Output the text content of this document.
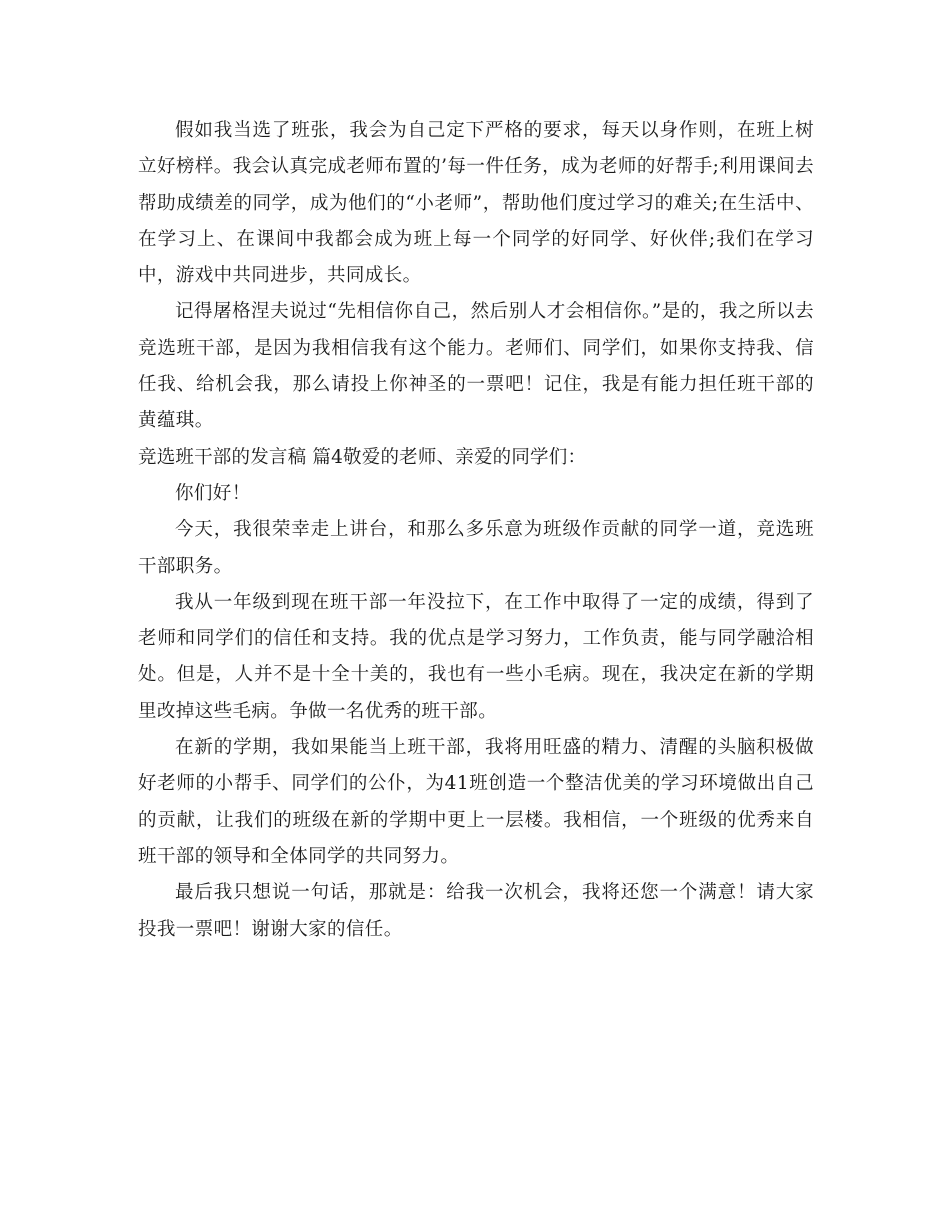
假如我当选了班张，我会为自己定下严格的要求，每天以身作则，在班上树立好榜样。我会认真完成老师布置的’每一件任务，成为老师的好帮手;利用课间去帮助成绩差的同学，成为他们的“小老师”，帮助他们度过学习的难关;在生活中、在学习上、在课间中我都会成为班上每一个同学的好同学、好伙伴;我们在学习中，游戏中共同进步，共同成长。

记得屠格涅夫说过“先相信你自己，然后别人才会相信你。”是的，我之所以去竞选班干部，是因为我相信我有这个能力。老师们、同学们，如果你支持我、信任我、给机会我，那么请投上你神圣的一票吧！记住，我是有能力担任班干部的黄蕴琪。

竞选班干部的发言稿 篇4敬爱的老师、亲爱的同学们：

你们好！

今天，我很荣幸走上讲台，和那么多乐意为班级作贡献的同学一道，竞选班干部职务。

我从一年级到现在班干部一年没拉下，在工作中取得了一定的成绩，得到了老师和同学们的信任和支持。我的优点是学习努力，工作负责，能与同学融洽相处。但是，人并不是十全十美的，我也有一些小毛病。现在，我决定在新的学期里改掉这些毛病。争做一名优秀的班干部。

在新的学期，我如果能当上班干部，我将用旺盛的精力、清醒的头脑积极做好老师的小帮手、同学们的公仆，为41班创造一个整洁优美的学习环境做出自己的贡献，让我们的班级在新的学期中更上一层楼。我相信，一个班级的优秀来自班干部的领导和全体同学的共同努力。

最后我只想说一句话，那就是：给我一次机会，我将还您一个满意！请大家投我一票吧！谢谢大家的信任。
